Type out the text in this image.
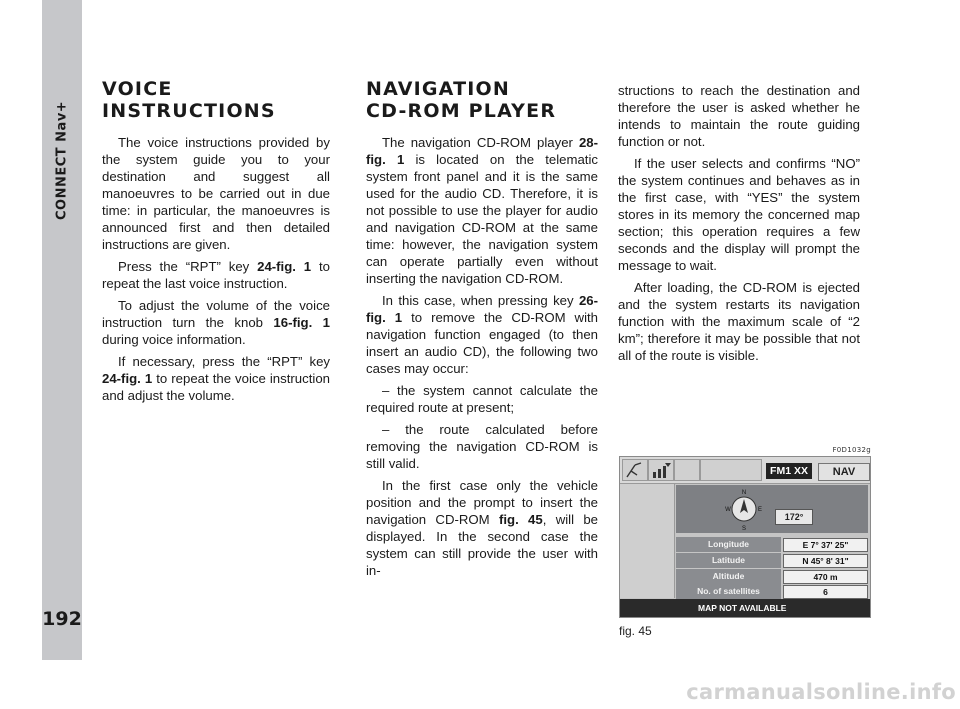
CONNECT Nav+
192
VOICE
INSTRUCTIONS

The voice instructions provided by the system guide you to your destination and suggest all manoeuvres to be carried out in due time: in particular, the manoeuvres is announced first and then detailed instructions are given.

Press the “RPT” key 24-fig. 1 to repeat the last voice instruction.

To adjust the volume of the voice instruction turn the knob 16-fig. 1 during voice information.

If necessary, press the “RPT” key 24-fig. 1 to repeat the voice instruction and adjust the volume.

NAVIGATION
CD-ROM PLAYER

The navigation CD-ROM player 28-fig. 1 is located on the telematic system front panel and it is the same used for the audio CD. Therefore, it is not possible to use the player for audio and navigation CD-ROM at the same time: however, the navigation system can operate partially even without inserting the navigation CD-ROM.

In this case, when pressing key 26-fig. 1 to remove the CD-ROM with navigation function engaged (to then insert an audio CD), the following two cases may occur:

– the system cannot calculate the required route at present;

– the route calculated before removing the navigation CD-ROM is still valid.

In the first case only the vehicle position and the prompt to insert the navigation CD-ROM fig. 45, will be displayed. In the second case the system can still provide the user with in-

structions to reach the destination and therefore the user is asked whether he intends to maintain the route guiding function or not.

If the user selects and confirms “NO” the system continues and behaves as in the first case, with “YES” the system stores in its memory the concerned map section; this operation requires a few seconds and the display will prompt the message to wait.

After loading, the CD-ROM is ejected and the system restarts its navigation function with the maximum scale of “2 km”; therefore it may be possible that not all of the route is visible.

F0D1032g
FM1 XX	NAV
N
S
W	E
172°
Longitude	E 7° 37' 25"
Latitude	N 45° 8' 31"
Altitude	470 m
No. of satellites	6
MAP NOT AVAILABLE
fig. 45
carmanualsonline.info
